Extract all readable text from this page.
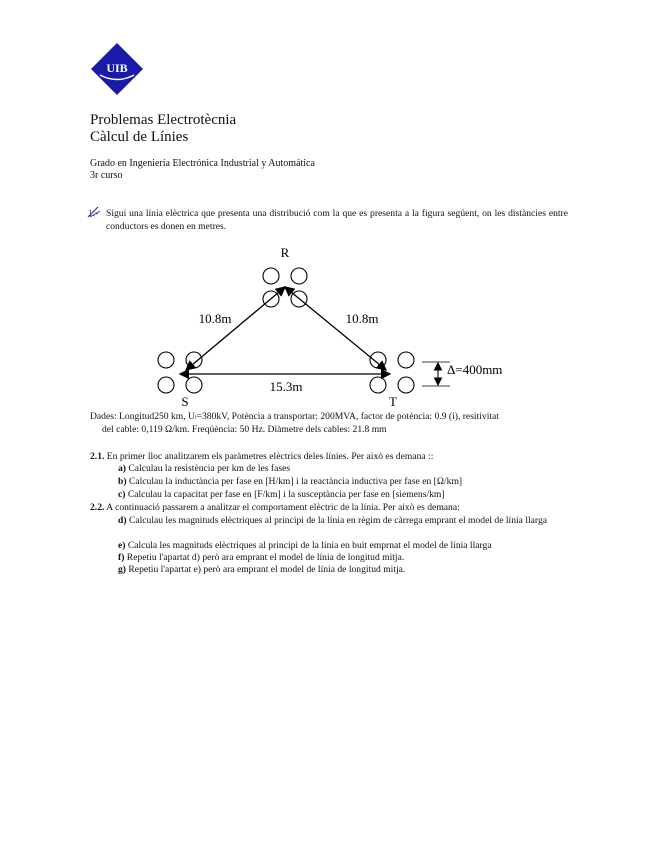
UIB
Problemas Electrotècnia
Càlcul de Línies
Grado en Ingeniería Electrónica Industrial y Automática
3r curso
1.- Sigui una línia elèctrica que presenta una distribució com la que es presenta a la figura següent, on les distàncies entre conductors es donen en metres.
R
S	T
10.8m	10.8m
15.3m
Δ=400mm
Dades: Longitud250 km, Uₗ=380kV, Potència a transportar: 200MVA, factor de potència: 0.9 (i), resitivitat
del cable: 0,119 Ω/km. Freqüència: 50 Hz. Diàmetre dels cables: 21.8 mm
2.1. En primer lloc analitzarem els paràmetres elèctrics deles línies. Per això es demana ::
a) Calculau la resistència per km de les fases
b) Calculau la inductància per fase en [H/km] i la reactància inductiva per fase en [Ω/km]
c) Calculau la capacitat per fase en [F/km] i la susceptància per fase en [siemens/km]
2.2. A continuació passarem a analitzar el comportament elèctric de la línia. Per això es demana:
d) Calculau les magnituds elèctriques al principi de la línia en règim de càrrega emprant el model de línia llarga
e) Calcula les magnituds elèctriques al principi de la línia en buit emprnat el model de línia llarga
f) Repetiu l'apartat d) però ara emprant el model de línia de longitud mitja.
g) Repetiu l'apartat e) però ara emprant el model de línia de longitud mitja.
